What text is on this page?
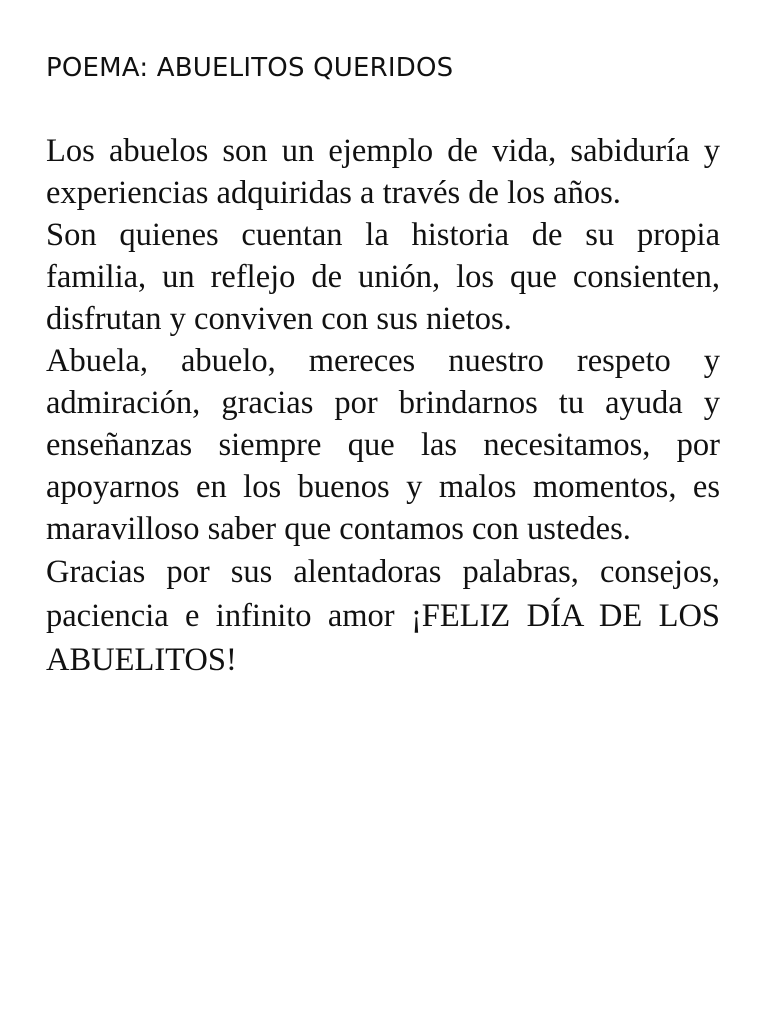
POEMA: ABUELITOS QUERIDOS

Los abuelos son un ejemplo de vida, sabiduría y experiencias adquiridas a través de los años.

Son quienes cuentan la historia de su propia familia, un reflejo de unión, los que consienten, disfrutan y conviven con sus nietos.

Abuela, abuelo, mereces nuestro respeto y admiración, gracias por brindarnos tu ayuda y enseñanzas siempre que las necesitamos, por apoyarnos en los buenos y malos momentos, es maravilloso saber que contamos con ustedes.

Gracias por sus alentadoras palabras, consejos, paciencia e infinito amor ¡FELIZ DÍA DE LOS ABUELITOS!
